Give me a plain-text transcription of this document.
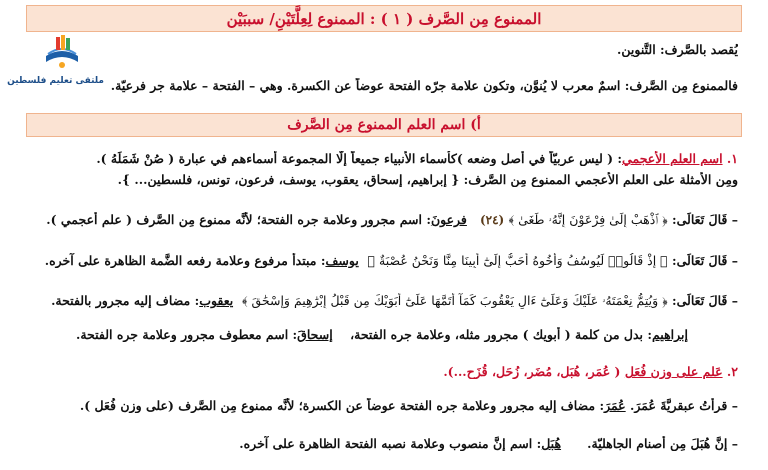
الممنوع مِن الصَّرف ( ١ ) : الممنوع لِعِلَّتَيْنِ/ سببَيْن
ملتقى تعليم فلسطين
يُقصد بالصَّرف: التَّنوين.
فالممنوع مِن الصَّرف: اسمٌ معرب لا يُنوَّن، وتكون علامة جرّه الفتحة عوضاً عن الكسرة. وهي – الفتحة – علامة جر فرعيّة.
أ) اسم العلم الممنوع مِن الصَّرف
١. اسم العلم الأعجمي: ( ليس عربيّاً في أصل وضعه )كأسماء الأنبياء جميعاً إلّا المجموعة أسماءهم في عبارة ( صُنْ شَمَلَهُ ).
ومِن الأمثلة على العلم الأعجمي الممنوع مِن الصَّرف: { إبراهيم، إسحاق، يعقوب، يوسف، فرعون، تونس، فلسطين... }.
– قَالَ تَعَالَى: ﴿ ٱذْهَبْ إِلَىٰ فِرْعَوْنَ إِنَّهُۥ طَغَىٰ ﴾ (٢٤)   فرعونَ: اسم مجرور وعلامة جره الفتحة؛ لأنَّه ممنوع مِن الصَّرف ( علم أعجمي ).
– قَالَ تَعَالَى: ﴿ إِذْ قَالُوا۟ لَيُوسُفُ وَأَخُوهُ أَحَبُّ إِلَىٰٓ أَبِينَا مِنَّا وَنَحْنُ عُصْبَةٌ ﴾  يوسف: مبتدأ مرفوع وعلامة رفعه الضَّمة الظاهرة على آخره.
– قَالَ تَعَالَى: ﴿ وَيُتِمُّ نِعْمَتَهُۥ عَلَيْكَ وَعَلَىٰٓ ءَالِ يَعْقُوبَ كَمَآ أَتَمَّهَا عَلَىٰٓ أَبَوَيْكَ مِن قَبْلُ إِبْرَٰهِيمَ وَإِسْحَٰقَ ﴾  يعقوب: مضاف إليه مجرور بالفتحة.
إبراهيم: بدل من كلمة ( أبويك ) مجرور مثله، وعلامة جره الفتحة،    إسحاقَ: اسم معطوف مجرور وعلامة جره الفتحة.
٢. عَلم على وزن فُعَل ( عُمَر، هُبَل، مُضَر، زُحَل، قُزَح...).
– قرأتُ عبقريَّةَ عُمَرَ. عُمَرَ: مضاف إليه مجرور وعلامة جره الفتحة عوضاً عن الكسرة؛ لأنَّه ممنوع مِن الصَّرف (على وزن فُعَل ).
– إنَّ هُبَلَ مِن أصنام الجاهليّة.      هُبَل: اسم إنَّ منصوب وعلامة نصبه الفتحة الظاهرة على آخره.
